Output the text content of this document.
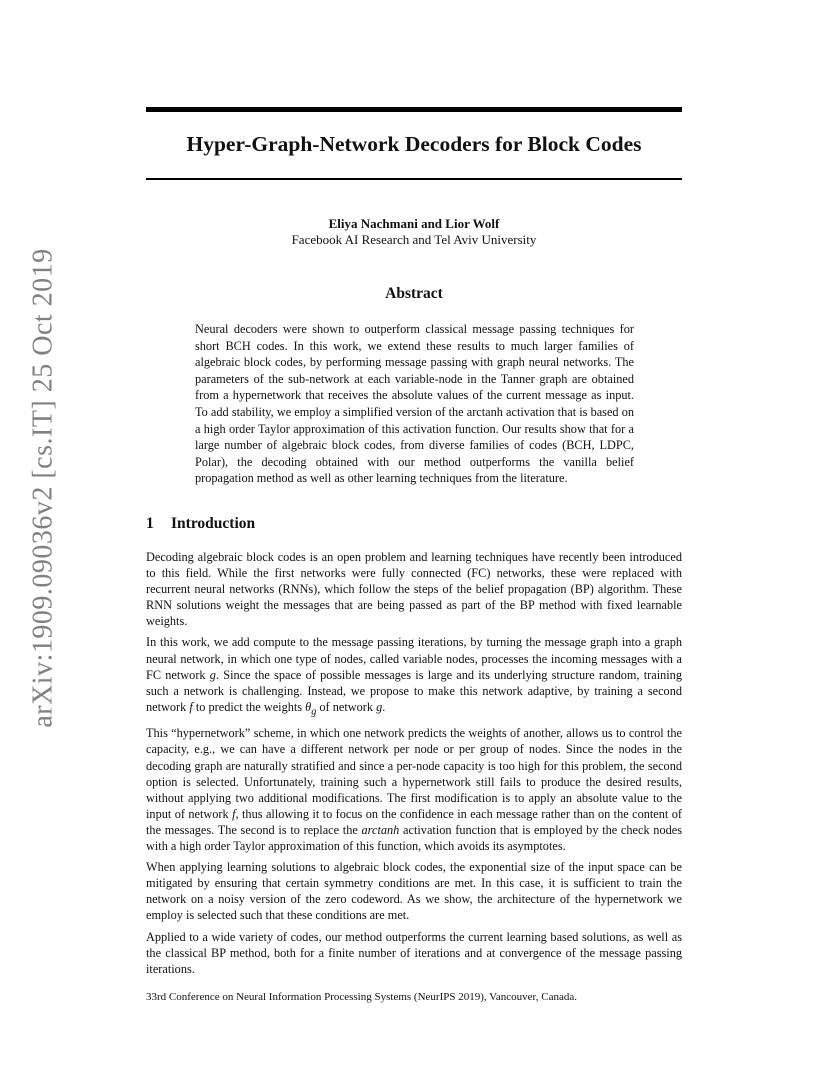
arXiv:1909.09036v2 [cs.IT] 25 Oct 2019
Hyper-Graph-Network Decoders for Block Codes
Eliya Nachmani and Lior Wolf
Facebook AI Research and Tel Aviv University
Abstract

Neural decoders were shown to outperform classical message passing techniques for short BCH codes. In this work, we extend these results to much larger families of algebraic block codes, by performing message passing with graph neural networks. The parameters of the sub-network at each variable-node in the Tanner graph are obtained from a hypernetwork that receives the absolute values of the current message as input. To add stability, we employ a simplified version of the arctanh activation that is based on a high order Taylor approximation of this activation function. Our results show that for a large number of algebraic block codes, from diverse families of codes (BCH, LDPC, Polar), the decoding obtained with our method outperforms the vanilla belief propagation method as well as other learning techniques from the literature.

1 Introduction

Decoding algebraic block codes is an open problem and learning techniques have recently been introduced to this field. While the first networks were fully connected (FC) networks, these were replaced with recurrent neural networks (RNNs), which follow the steps of the belief propagation (BP) algorithm. These RNN solutions weight the messages that are being passed as part of the BP method with fixed learnable weights.

In this work, we add compute to the message passing iterations, by turning the message graph into a graph neural network, in which one type of nodes, called variable nodes, processes the incoming messages with a FC network g. Since the space of possible messages is large and its underlying structure random, training such a network is challenging. Instead, we propose to make this network adaptive, by training a second network f to predict the weights $\theta_g$ of network g.

This “hypernetwork” scheme, in which one network predicts the weights of another, allows us to control the capacity, e.g., we can have a different network per node or per group of nodes. Since the nodes in the decoding graph are naturally stratified and since a per-node capacity is too high for this problem, the second option is selected. Unfortunately, training such a hypernetwork still fails to produce the desired results, without applying two additional modifications. The first modification is to apply an absolute value to the input of network f, thus allowing it to focus on the confidence in each message rather than on the content of the messages. The second is to replace the arctanh activation function that is employed by the check nodes with a high order Taylor approximation of this function, which avoids its asymptotes.

When applying learning solutions to algebraic block codes, the exponential size of the input space can be mitigated by ensuring that certain symmetry conditions are met. In this case, it is sufficient to train the network on a noisy version of the zero codeword. As we show, the architecture of the hypernetwork we employ is selected such that these conditions are met.

Applied to a wide variety of codes, our method outperforms the current learning based solutions, as well as the classical BP method, both for a finite number of iterations and at convergence of the message passing iterations.

33rd Conference on Neural Information Processing Systems (NeurIPS 2019), Vancouver, Canada.
